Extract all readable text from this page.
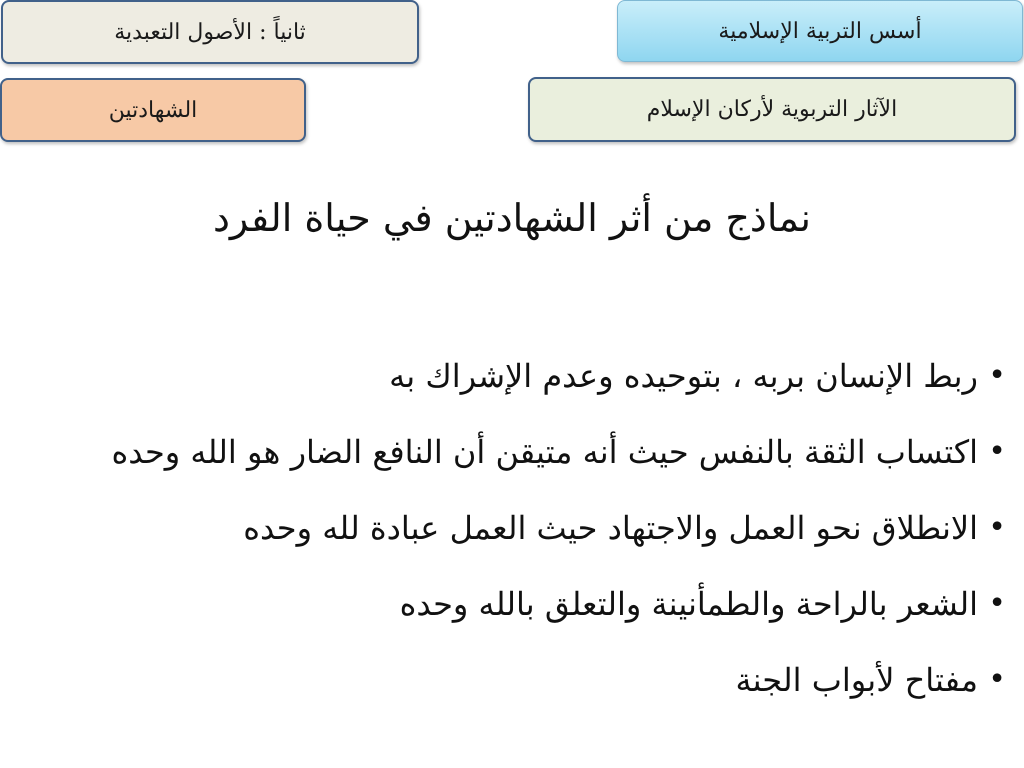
أسس التربية الإسلامية
ثانياً : الأصول التعبدية
الآثار التربوية لأركان الإسلام
الشهادتين
نماذج من أثر الشهادتين في حياة الفرد
•
ربط الإنسان بربه ، بتوحيده وعدم الإشراك به
•
اكتساب الثقة بالنفس حيث أنه متيقن أن النافع الضار هو الله وحده
•
الانطلاق نحو العمل والاجتهاد حيث العمل عبادة لله وحده
•
الشعر بالراحة والطمأنينة والتعلق بالله وحده
•
مفتاح لأبواب الجنة
